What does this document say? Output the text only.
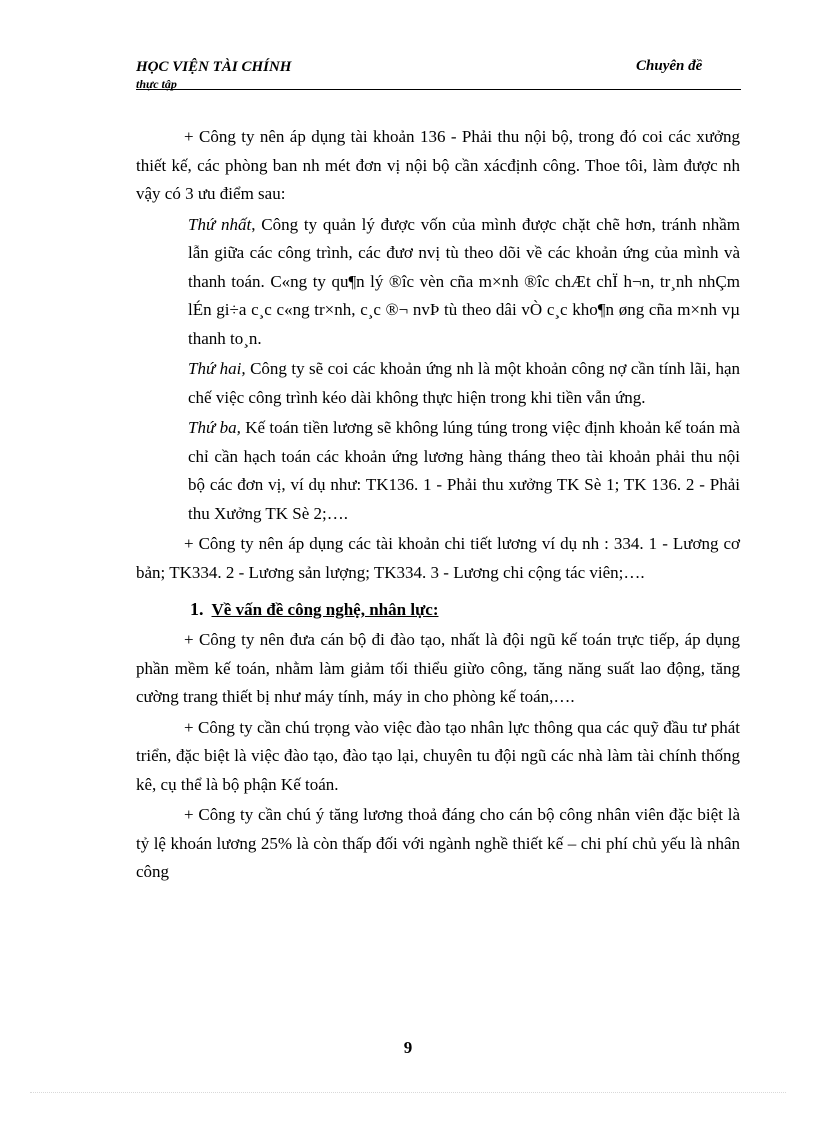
HỌC VIỆN TÀI CHÍNH
thực tập
Chuyên đề

+ Công ty nên áp dụng tài khoản 136 - Phải thu nội bộ, trong đó coi các xưởng thiết kế, các phòng ban nh mét đơn vị nội bộ cần xácđịnh công. Thoe tôi, làm được nh vậy có 3 ưu điểm sau:

Thứ nhất, Công ty quản lý được vốn của mình được chặt chẽ hơn, tránh nhầm lẫn giữa các công trình, các đươ nvị tù theo dõi về các khoản ứng của mình và thanh toán. C«ng ty qu¶n lý ®îc vèn cña m×nh ®îc chÆt chÏ h¬n, tr¸nh nhÇm lÉn gi÷a c¸c c«ng tr×nh, c¸c ®¬ nvÞ tù theo dâi vÒ c¸c kho¶n øng cña m×nh vµ thanh to¸n.

Thứ hai, Công ty sẽ coi các khoản ứng nh là một khoản công nợ cần tính lãi, hạn chế việc công trình kéo dài không thực hiện trong khi tiền vẫn ứng.

Thứ ba, Kế toán tiền lương sẽ không lúng túng trong việc định khoản kế toán mà chỉ cần hạch toán các khoản ứng lương hàng tháng theo tài khoản phải thu nội bộ các đơn vị, ví dụ như: TK136. 1 - Phải thu xưởng TK Sè 1; TK 136. 2 - Phải thu Xưởng TK Sè 2;….

+ Công ty nên áp dụng các tài khoản chi tiết lương ví dụ nh : 334. 1 - Lương cơ bản; TK334. 2 - Lương sản lượng; TK334. 3 - Lương chi cộng tác viên;….

1. Về vấn đề công nghệ, nhân lực:

+ Công ty nên đưa cán bộ đi đào tạo, nhất là đội ngũ kế toán trực tiếp, áp dụng phần mềm kế toán, nhằm làm giảm tối thiểu giừo công, tăng năng suất lao động, tăng cường trang thiết bị như máy tính, máy in cho phòng kế toán,….

+ Công ty cần chú trọng vào việc đào tạo nhân lực thông qua các quỹ đầu tư phát triển, đặc biệt là việc đào tạo, đào tạo lại, chuyên tu đội ngũ các nhà làm tài chính thống kê, cụ thể là bộ phận Kế toán.

+ Công ty cần chú ý tăng lương thoả đáng cho cán bộ công nhân viên đặc biệt là tỷ lệ khoán lương 25% là còn thấp đối với ngành nghề thiết kế – chi phí chủ yếu là nhân công

9
